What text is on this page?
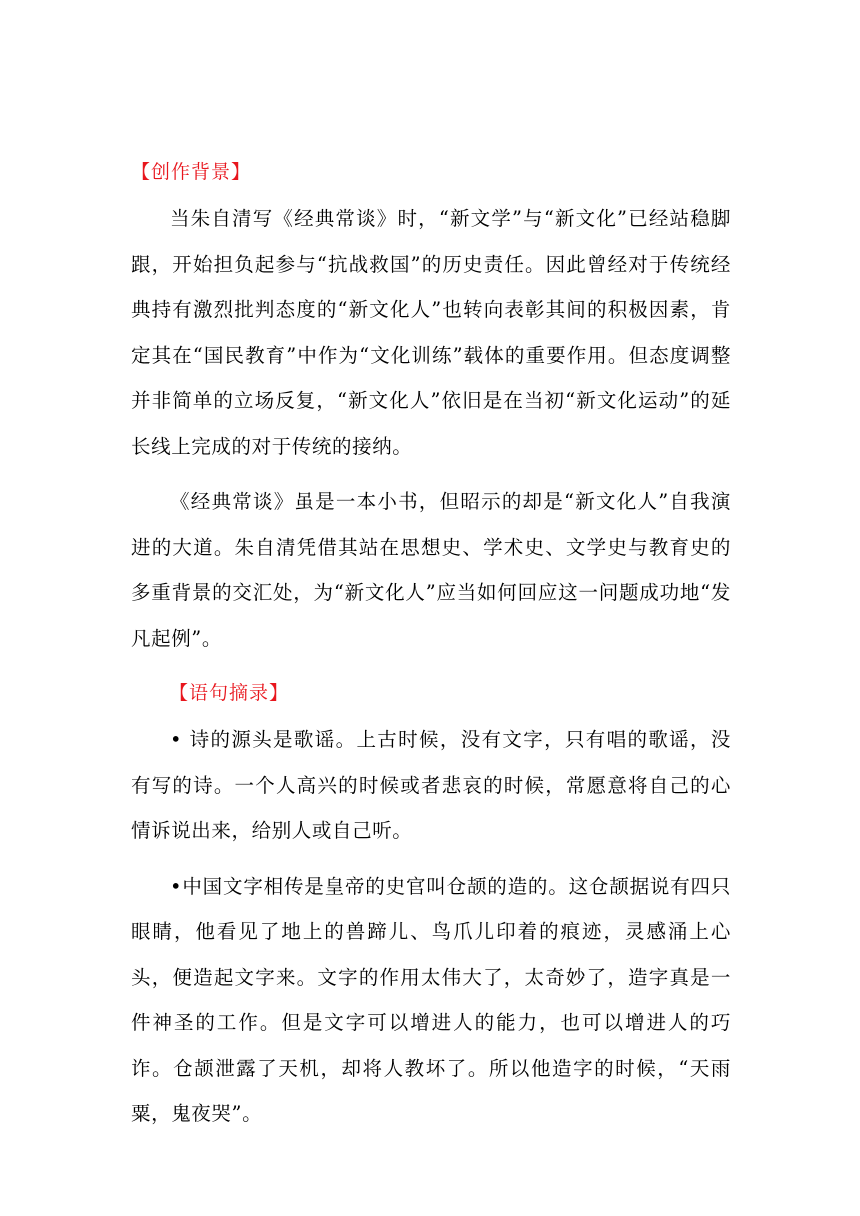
【创作背景】

当朱自清写《经典常谈》时，“新文学”与“新文化”已经站稳脚跟，开始担负起参与“抗战救国”的历史责任。因此曾经对于传统经典持有激烈批判态度的“新文化人”也转向表彰其间的积极因素，肯定其在“国民教育”中作为“文化训练”载体的重要作用。但态度调整并非简单的立场反复，“新文化人”依旧是在当初“新文化运动”的延长线上完成的对于传统的接纳。

《经典常谈》虽是一本小书，但昭示的却是“新文化人”自我演进的大道。朱自清凭借其站在思想史、学术史、文学史与教育史的多重背景的交汇处，为“新文化人”应当如何回应这一问题成功地“发凡起例”。

【语句摘录】

• 诗的源头是歌谣。上古时候，没有文字，只有唱的歌谣，没有写的诗。一个人高兴的时候或者悲哀的时候，常愿意将自己的心情诉说出来，给别人或自己听。

•中国文字相传是皇帝的史官叫仓颉的造的。这仓颉据说有四只眼睛，他看见了地上的兽蹄儿、鸟爪儿印着的痕迹，灵感涌上心头，便造起文字来。文字的作用太伟大了，太奇妙了，造字真是一件神圣的工作。但是文字可以增进人的能力，也可以增进人的巧诈。仓颉泄露了天机，却将人教坏了。所以他造字的时候，“天雨粟，鬼夜哭”。
